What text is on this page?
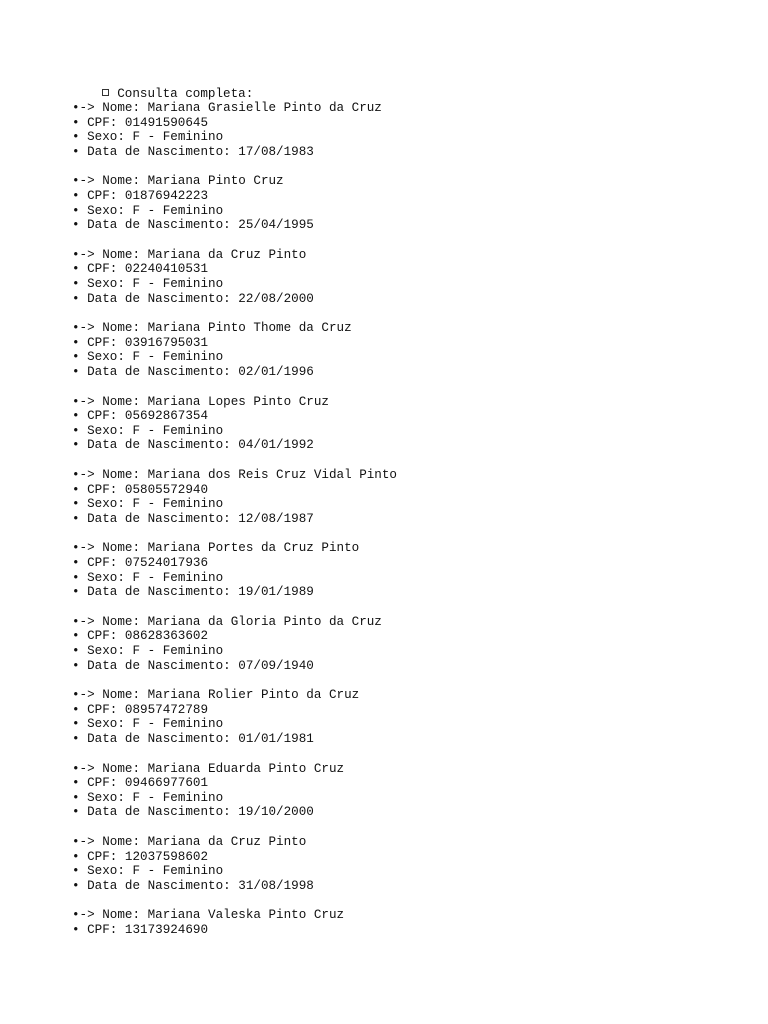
Consulta completa:

•-> Nome: Mariana Grasielle Pinto da Cruz
• CPF: 01491590645
• Sexo: F - Feminino
• Data de Nascimento: 17/08/1983
•-> Nome: Mariana Pinto Cruz
• CPF: 01876942223
• Sexo: F - Feminino
• Data de Nascimento: 25/04/1995
•-> Nome: Mariana da Cruz Pinto
• CPF: 02240410531
• Sexo: F - Feminino
• Data de Nascimento: 22/08/2000
•-> Nome: Mariana Pinto Thome da Cruz
• CPF: 03916795031
• Sexo: F - Feminino
• Data de Nascimento: 02/01/1996
•-> Nome: Mariana Lopes Pinto Cruz
• CPF: 05692867354
• Sexo: F - Feminino
• Data de Nascimento: 04/01/1992
•-> Nome: Mariana dos Reis Cruz Vidal Pinto
• CPF: 05805572940
• Sexo: F - Feminino
• Data de Nascimento: 12/08/1987
•-> Nome: Mariana Portes da Cruz Pinto
• CPF: 07524017936
• Sexo: F - Feminino
• Data de Nascimento: 19/01/1989
•-> Nome: Mariana da Gloria Pinto da Cruz
• CPF: 08628363602
• Sexo: F - Feminino
• Data de Nascimento: 07/09/1940
•-> Nome: Mariana Rolier Pinto da Cruz
• CPF: 08957472789
• Sexo: F - Feminino
• Data de Nascimento: 01/01/1981
•-> Nome: Mariana Eduarda Pinto Cruz
• CPF: 09466977601
• Sexo: F - Feminino
• Data de Nascimento: 19/10/2000
•-> Nome: Mariana da Cruz Pinto
• CPF: 12037598602
• Sexo: F - Feminino
• Data de Nascimento: 31/08/1998
•-> Nome: Mariana Valeska Pinto Cruz
• CPF: 13173924690
